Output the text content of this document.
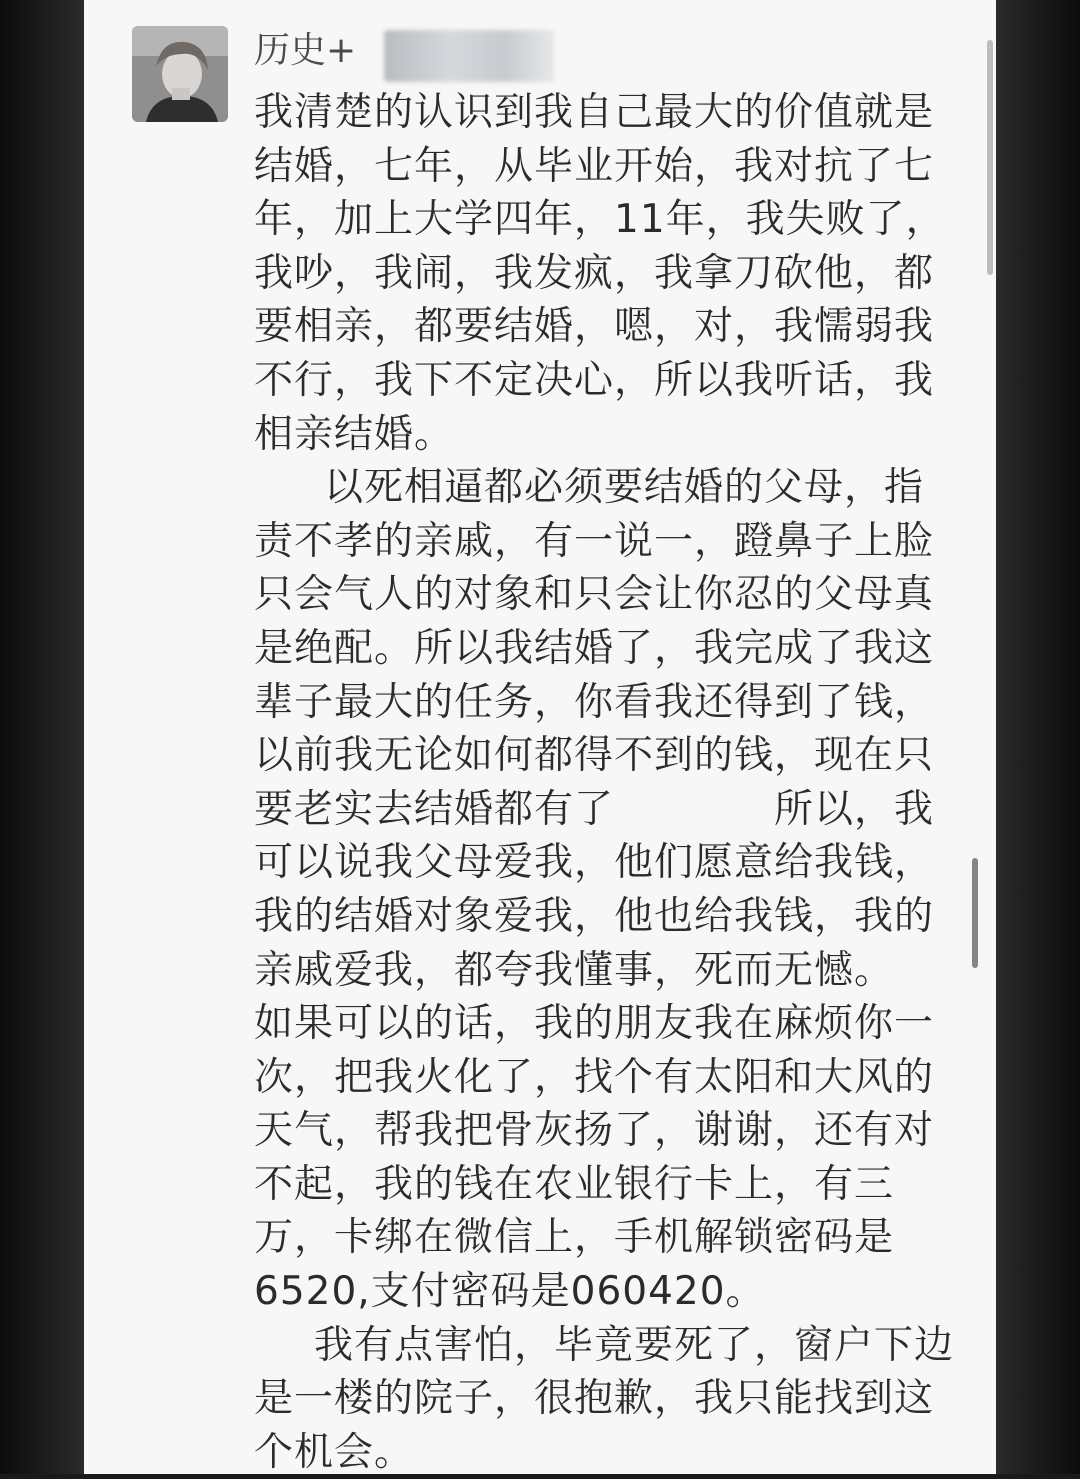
历史+

我清楚的认识到我自己最大的价值就是结婚，七年，从毕业开始，我对抗了七年，加上大学四年，11年，我失败了，我吵，我闹，我发疯，我拿刀砍他，都要相亲，都要结婚，嗯，对，我懦弱我不行，我下不定决心，所以我听话，我相亲结婚。

以死相逼都必须要结婚的父母，指责不孝的亲戚，有一说一，蹬鼻子上脸只会气人的对象和只会让你忍的父母真是绝配。所以我结婚了，我完成了我这辈子最大的任务，你看我还得到了钱，以前我无论如何都得不到的钱，现在只要老实去结婚都有了　　　　所以，我可以说我父母爱我，他们愿意给我钱，我的结婚对象爱我，他也给我钱，我的亲戚爱我，都夸我懂事，死而无憾。

如果可以的话，我的朋友我在麻烦你一次，把我火化了，找个有太阳和大风的天气，帮我把骨灰扬了，谢谢，还有对不起，我的钱在农业银行卡上，有三万，卡绑在微信上，手机解锁密码是6520,支付密码是060420。

我有点害怕，毕竟要死了，窗户下边是一楼的院子，很抱歉，我只能找到这个机会。
